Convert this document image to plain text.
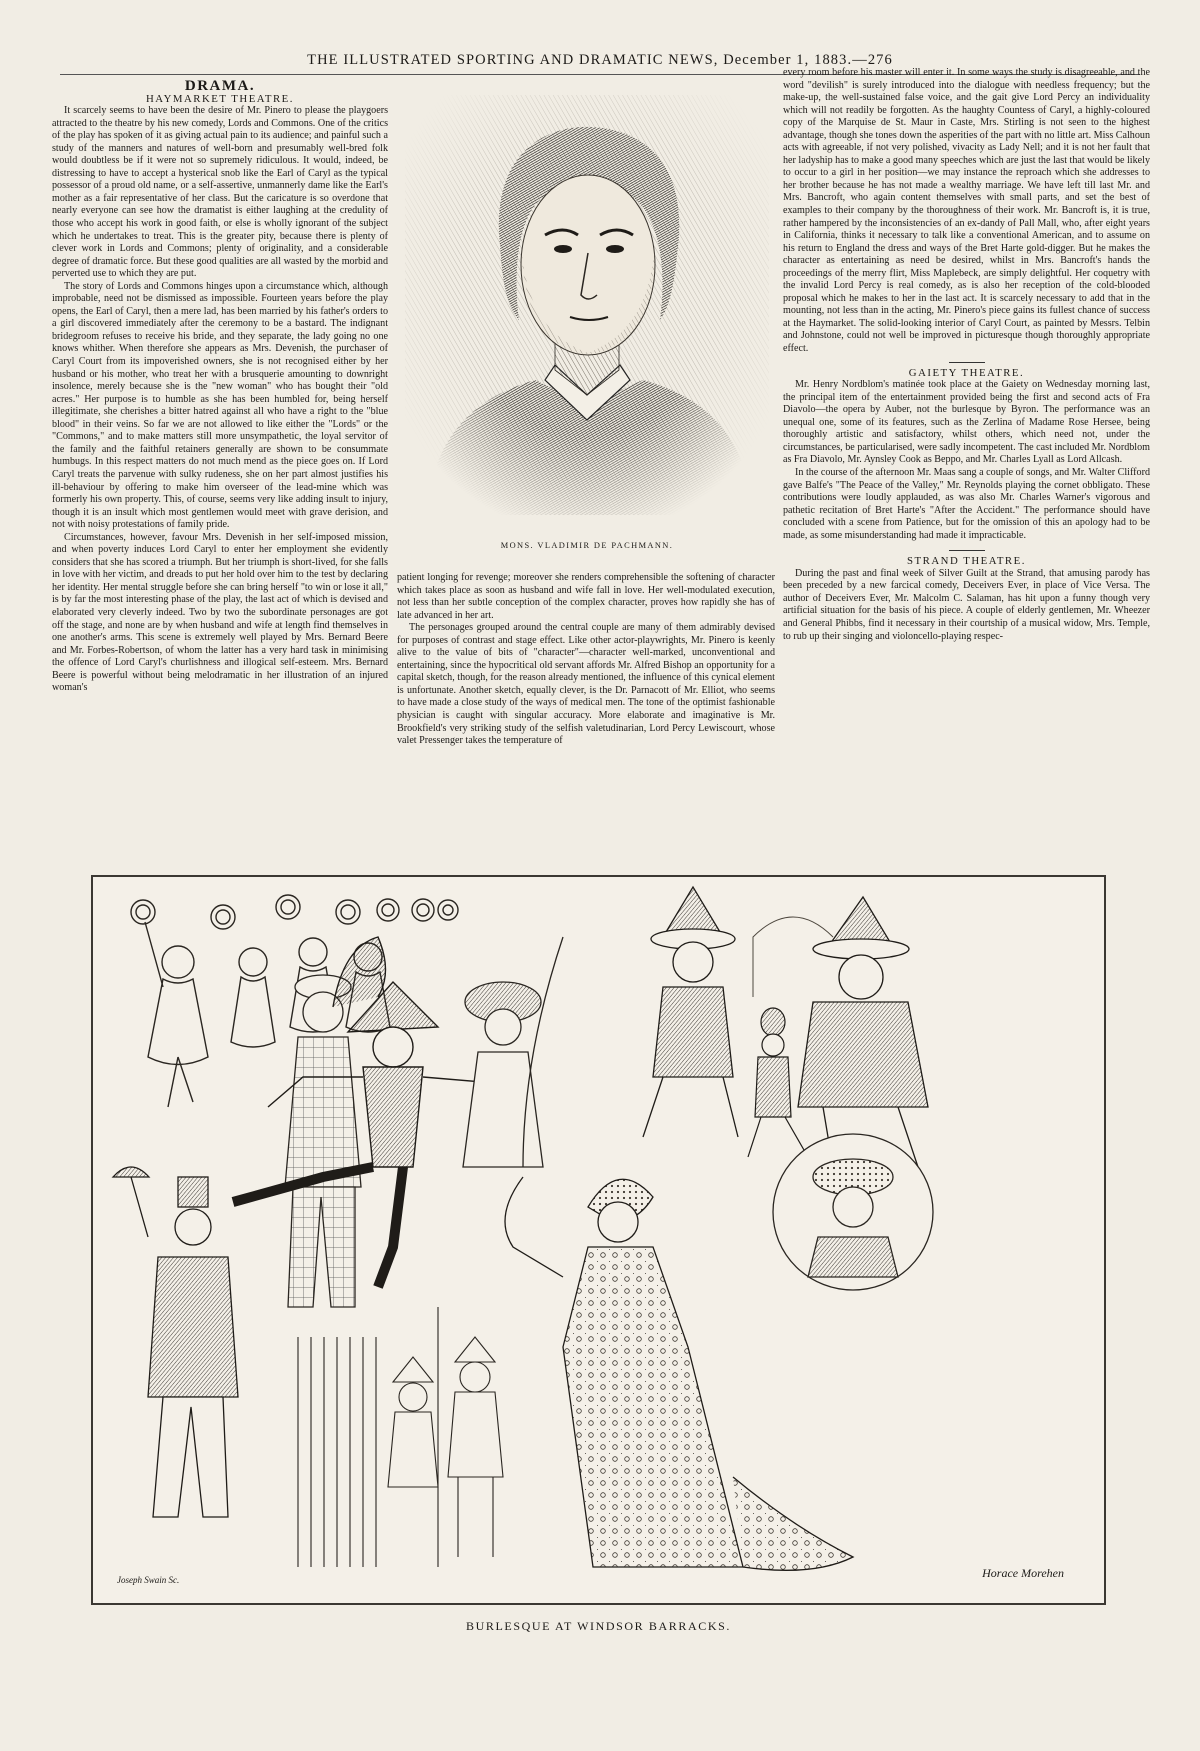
THE ILLUSTRATED SPORTING AND DRAMATIC NEWS, December 1, 1883.—276

DRAMA.

HAYMARKET THEATRE.

It scarcely seems to have been the desire of Mr. Pinero to please the playgoers attracted to the theatre by his new comedy, Lords and Commons. One of the critics of the play has spoken of it as giving actual pain to its audience; and painful such a study of the manners and natures of well-born and presumably well-bred folk would doubtless be if it were not so supremely ridiculous. It would, indeed, be distressing to have to accept a hysterical snob like the Earl of Caryl as the typical possessor of a proud old name, or a self-assertive, unmannerly dame like the Earl's mother as a fair representative of her class. But the caricature is so overdone that nearly everyone can see how the dramatist is either laughing at the credulity of those who accept his work in good faith, or else is wholly ignorant of the subject which he undertakes to treat. This is the greater pity, because there is plenty of clever work in Lords and Commons; plenty of originality, and a considerable degree of dramatic force. But these good qualities are all wasted by the morbid and perverted use to which they are put.

The story of Lords and Commons hinges upon a circumstance which, although improbable, need not be dismissed as impossible. Fourteen years before the play opens, the Earl of Caryl, then a mere lad, has been married by his father's orders to a girl discovered immediately after the ceremony to be a bastard. The indignant bridegroom refuses to receive his bride, and they separate, the lady going no one knows whither. When therefore she appears as Mrs. Devenish, the purchaser of Caryl Court from its impoverished owners, she is not recognised either by her husband or his mother, who treat her with a brusquerie amounting to downright insolence, merely because she is the "new woman" who has bought their "old acres." Her purpose is to humble as she has been humbled for, being herself illegitimate, she cherishes a bitter hatred against all who have a right to the "blue blood" in their veins. So far we are not allowed to like either the "Lords" or the "Commons," and to make matters still more unsympathetic, the loyal servitor of the family and the faithful retainers generally are shown to be consummate humbugs. In this respect matters do not much mend as the piece goes on. If Lord Caryl treats the parvenue with sulky rudeness, she on her part almost justifies his ill-behaviour by offering to make him overseer of the lead-mine which was formerly his own property. This, of course, seems very like adding insult to injury, though it is an insult which most gentlemen would meet with grave derision, and not with noisy protestations of family pride.

Circumstances, however, favour Mrs. Devenish in her self-imposed mission, and when poverty induces Lord Caryl to enter her employment she evidently considers that she has scored a triumph. But her triumph is short-lived, for she falls in love with her victim, and dreads to put her hold over him to the test by declaring her identity. Her mental struggle before she can bring herself "to win or lose it all," is by far the most interesting phase of the play, the last act of which is devised and elaborated very cleverly indeed. Two by two the subordinate personages are got off the stage, and none are by when husband and wife at length find themselves in one another's arms. This scene is extremely well played by Mrs. Bernard Beere and Mr. Forbes-Robertson, of whom the latter has a very hard task in minimising the offence of Lord Caryl's churlishness and illogical self-esteem. Mrs. Bernard Beere is powerful without being melodramatic in her illustration of an injured woman's

MONS. VLADIMIR DE PACHMANN.

patient longing for revenge; moreover she renders comprehensible the softening of character which takes place as soon as husband and wife fall in love. Her well-modulated execution, not less than her subtle conception of the complex character, proves how rapidly she has of late advanced in her art.

The personages grouped around the central couple are many of them admirably devised for purposes of contrast and stage effect. Like other actor-playwrights, Mr. Pinero is keenly alive to the value of bits of "character"—character well-marked, unconventional and entertaining, since the hypocritical old servant affords Mr. Alfred Bishop an opportunity for a capital sketch, though, for the reason already mentioned, the influence of this cynical element is unfortunate. Another sketch, equally clever, is the Dr. Parnacott of Mr. Elliot, who seems to have made a close study of the ways of medical men. The tone of the optimist fashionable physician is caught with singular accuracy. More elaborate and imaginative is Mr. Brookfield's very striking study of the selfish valetudinarian, Lord Percy Lewiscourt, whose valet Pressenger takes the temperature of

every room before his master will enter it. In some ways the study is disagreeable, and the word "devilish" is surely introduced into the dialogue with needless frequency; but the make-up, the well-sustained false voice, and the gait give Lord Percy an individuality which will not readily be forgotten. As the haughty Countess of Caryl, a highly-coloured copy of the Marquise de St. Maur in Caste, Mrs. Stirling is not seen to the highest advantage, though she tones down the asperities of the part with no little art. Miss Calhoun acts with agreeable, if not very polished, vivacity as Lady Nell; and it is not her fault that her ladyship has to make a good many speeches which are just the last that would be likely to occur to a girl in her position—we may instance the reproach which she addresses to her brother because he has not made a wealthy marriage. We have left till last Mr. and Mrs. Bancroft, who again content themselves with small parts, and set the best of examples to their company by the thoroughness of their work. Mr. Bancroft is, it is true, rather hampered by the inconsistencies of an ex-dandy of Pall Mall, who, after eight years in California, thinks it necessary to talk like a conventional American, and to assume on his return to England the dress and ways of the Bret Harte gold-digger. But he makes the character as entertaining as need be desired, whilst in Mrs. Bancroft's hands the proceedings of the merry flirt, Miss Maplebeck, are simply delightful. Her coquetry with the invalid Lord Percy is real comedy, as is also her reception of the cold-blooded proposal which he makes to her in the last act. It is scarcely necessary to add that in the mounting, not less than in the acting, Mr. Pinero's piece gains its fullest chance of success at the Haymarket. The solid-looking interior of Caryl Court, as painted by Messrs. Telbin and Johnstone, could not well be improved in picturesque though thoroughly appropriate effect.

GAIETY THEATRE.

Mr. Henry Nordblom's matinée took place at the Gaiety on Wednesday morning last, the principal item of the entertainment provided being the first and second acts of Fra Diavolo—the opera by Auber, not the burlesque by Byron. The performance was an unequal one, some of its features, such as the Zerlina of Madame Rose Hersee, being thoroughly artistic and satisfactory, whilst others, which need not, under the circumstances, be particularised, were sadly incompetent. The cast included Mr. Nordblom as Fra Diavolo, Mr. Aynsley Cook as Beppo, and Mr. Charles Lyall as Lord Allcash.

In the course of the afternoon Mr. Maas sang a couple of songs, and Mr. Walter Clifford gave Balfe's "The Peace of the Valley," Mr. Reynolds playing the cornet obbligato. These contributions were loudly applauded, as was also Mr. Charles Warner's vigorous and pathetic recitation of Bret Harte's "After the Accident." The performance should have concluded with a scene from Patience, but for the omission of this an apology had to be made, as some misunderstanding had made it impracticable.

STRAND THEATRE.

During the past and final week of Silver Guilt at the Strand, that amusing parody has been preceded by a new farcical comedy, Deceivers Ever, in place of Vice Versa. The author of Deceivers Ever, Mr. Malcolm C. Salaman, has hit upon a funny though very artificial situation for the basis of his piece. A couple of elderly gentlemen, Mr. Wheezer and General Phibbs, find it necessary in their courtship of a musical widow, Mrs. Temple, to rub up their singing and violoncello-playing respec-

Joseph Swain Sc.	Horace Morehen
BURLESQUE AT WINDSOR BARRACKS.
